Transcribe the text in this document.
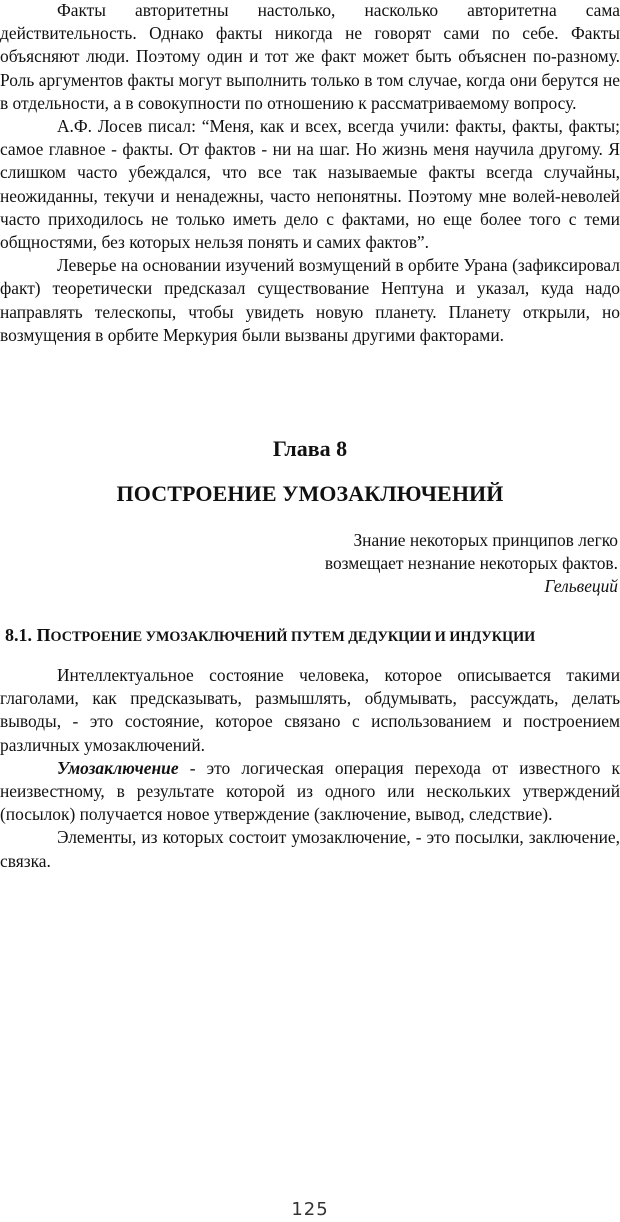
Факты авторитетны настолько, насколько авторитетна сама действительность. Однако факты никогда не говорят сами по себе. Факты объясняют люди. Поэтому один и тот же факт может быть объяснен по-разному. Роль аргументов факты могут выполнить только в том случае, когда они берутся не в отдельности, а в совокупности по отношению к рассматриваемому вопросу.

А.Ф. Лосев писал: “Меня, как и всех, всегда учили: факты, факты, факты; самое главное - факты. От фактов - ни на шаг. Но жизнь меня научила другому. Я слишком часто убеждался, что все так называемые факты всегда случайны, неожиданны, текучи и ненадежны, часто непонятны. Поэтому мне волей-неволей часто приходилось не только иметь дело с фактами, но еще более того с теми общностями, без которых нельзя понять и самих фактов”.

Леверье на основании изучений возмущений в орбите Урана (зафиксировал факт) теоретически предсказал существование Нептуна и указал, куда надо направлять телескопы, чтобы увидеть новую планету. Планету открыли, но возмущения в орбите Меркурия были вызваны другими факторами.

Глава 8
ПОСТРОЕНИЕ УМОЗАКЛЮЧЕНИЙ
Знание некоторых принципов легко
возмещает незнание некоторых фактов.
Гельвеций
8.1. ПОСТРОЕНИЕ УМОЗАКЛЮЧЕНИЙ ПУТЕМ ДЕДУКЦИИ И ИНДУКЦИИ

Интеллектуальное состояние человека, которое описывается такими глаголами, как предсказывать, размышлять, обдумывать, рассуждать, делать выводы, - это состояние, которое связано с использованием и построением различных умозаключений.

Умозаключение - это логическая операция перехода от известного к неизвестному, в результате которой из одного или нескольких утверждений (посылок) получается новое утверждение (заключение, вывод, следствие).

Элементы, из которых состоит умозаключение, - это посылки, заключение, связка.

125
